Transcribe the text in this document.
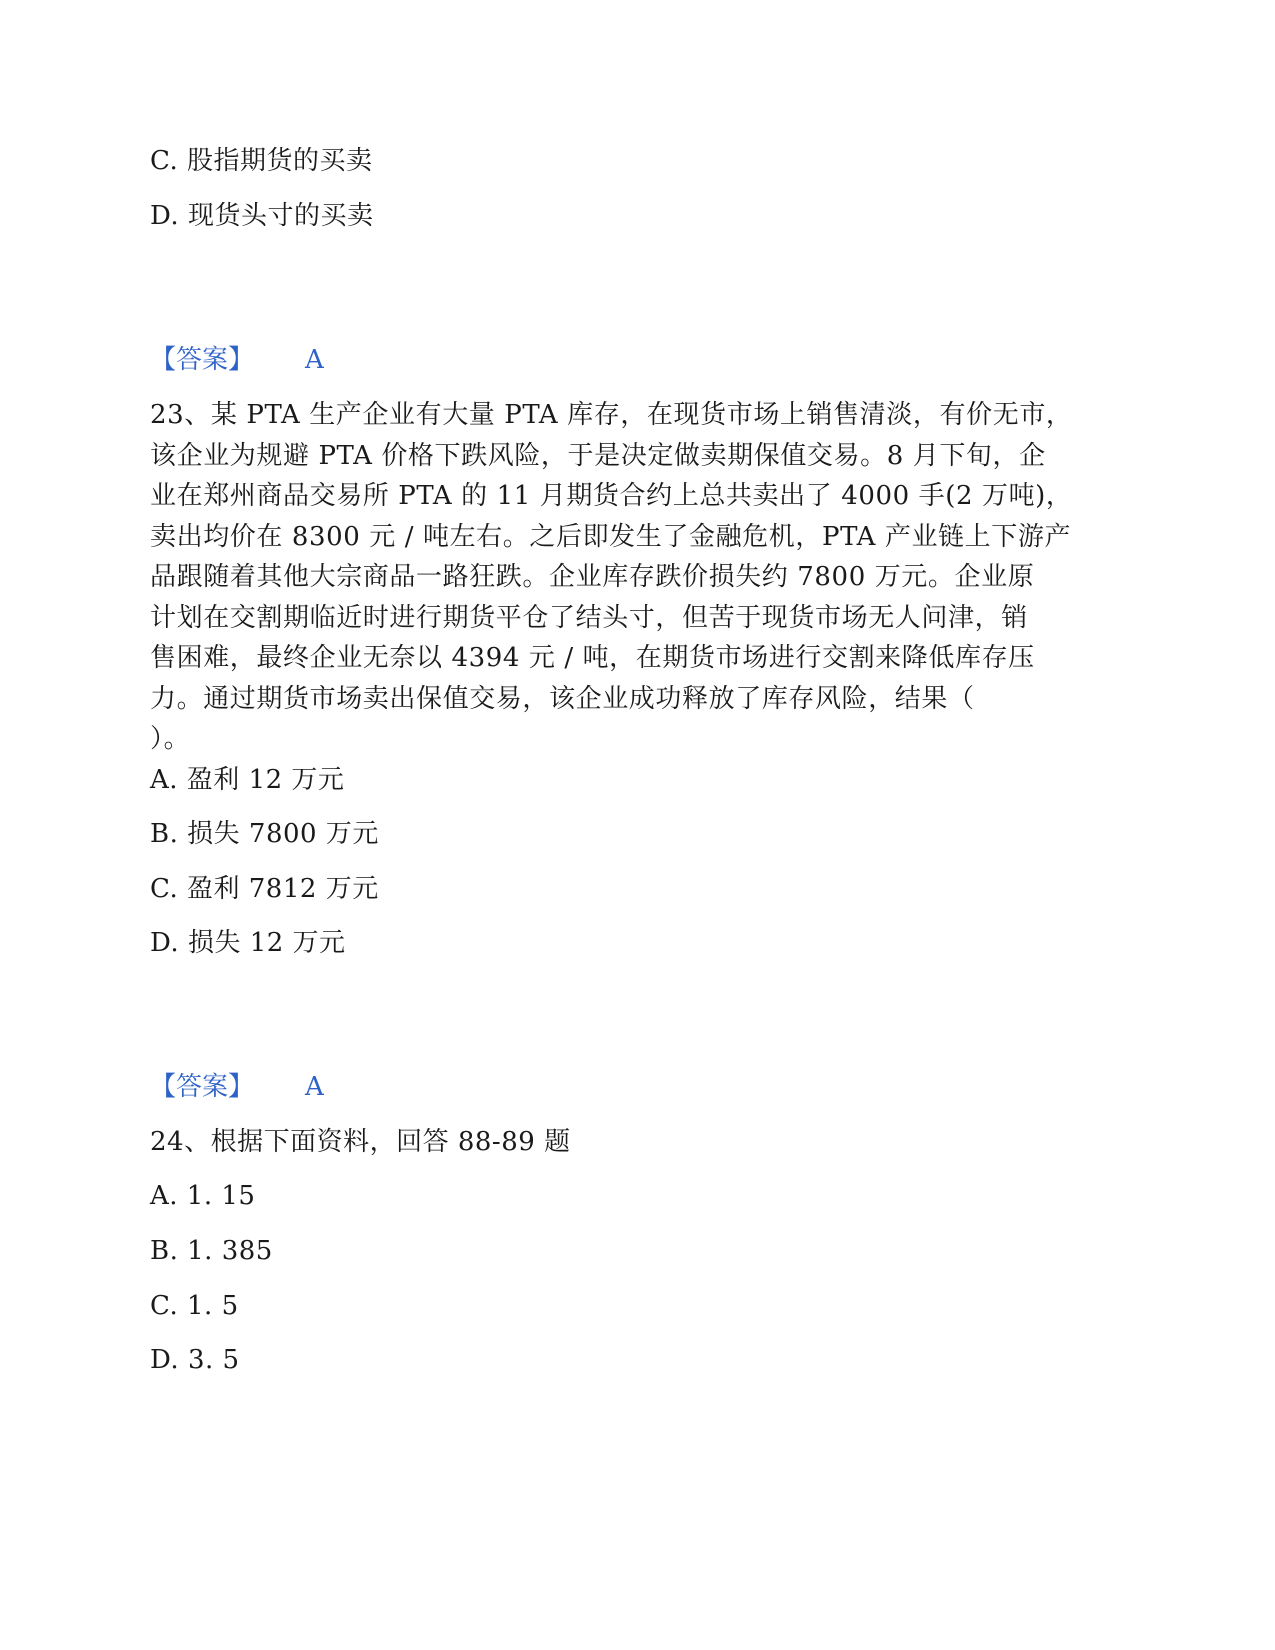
C. 股指期货的买卖
D. 现货头寸的买卖
【答案】 A
23、某 PTA 生产企业有大量 PTA 库存，在现货市场上销售清淡，有价无市，
该企业为规避 PTA 价格下跌风险，于是决定做卖期保值交易。8 月下旬，企
业在郑州商品交易所 PTA 的 11 月期货合约上总共卖出了 4000 手(2 万吨)，
卖出均价在 8300 元 / 吨左右。之后即发生了金融危机，PTA 产业链上下游产
品跟随着其他大宗商品一路狂跌。企业库存跌价损失约 7800 万元。企业原
计划在交割期临近时进行期货平仓了结头寸，但苦于现货市场无人问津，销
售困难，最终企业无奈以 4394 元 / 吨，在期货市场进行交割来降低库存压
力。通过期货市场卖出保值交易，该企业成功释放了库存风险，结果（
）。
A. 盈利 12 万元
B. 损失 7800 万元
C. 盈利 7812 万元
D. 损失 12 万元
【答案】 A
24、根据下面资料，回答 88-89 题
A. 1. 15
B. 1. 385
C. 1. 5
D. 3. 5
